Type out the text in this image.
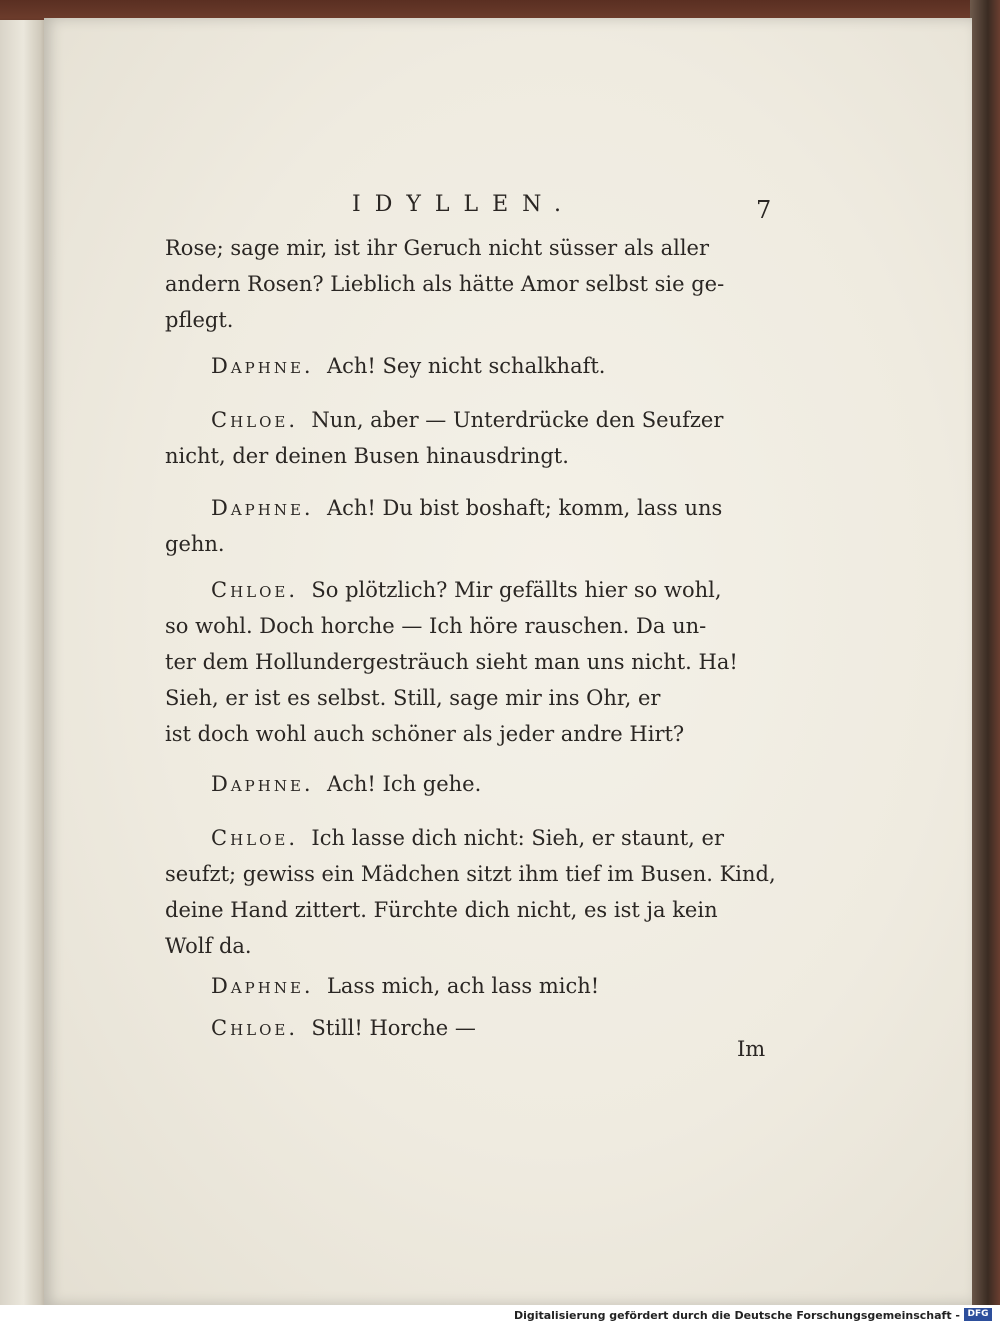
IDYLLEN.	7
Rose; sage mir, ist ihr Geruch nicht süsser als aller
andern Rosen? Lieblich als hätte Amor selbst sie ge-
pflegt.
Daphne.
Ach! Sey nicht schalkhaft.
Chloe.
Nun, aber — Unterdrücke den Seufzer
nicht, der deinen Busen hinausdringt.
Daphne.
Ach! Du bist boshaft; komm, lass uns
gehn.
Chloe.
So plötzlich? Mir gefällts hier so wohl,
so wohl. Doch horche — Ich höre rauschen. Da un-
ter dem Hollundergesträuch sieht man uns nicht. Ha!
Sieh, er ist es selbst. Still, sage mir ins Ohr, er
ist doch wohl auch schöner als jeder andre Hirt?
Daphne.
Ach! Ich gehe.
Chloe.
Ich lasse dich nicht: Sieh, er staunt, er
seufzt; gewiss ein Mädchen sitzt ihm tief im Busen. Kind,
deine Hand zittert. Fürchte dich nicht, es ist ja kein
Wolf da.
Daphne.
Lass mich, ach lass mich!
Chloe.
Still! Horche —
Im
Digitalisierung gefördert durch die Deutsche Forschungsgemeinschaft - DFG
